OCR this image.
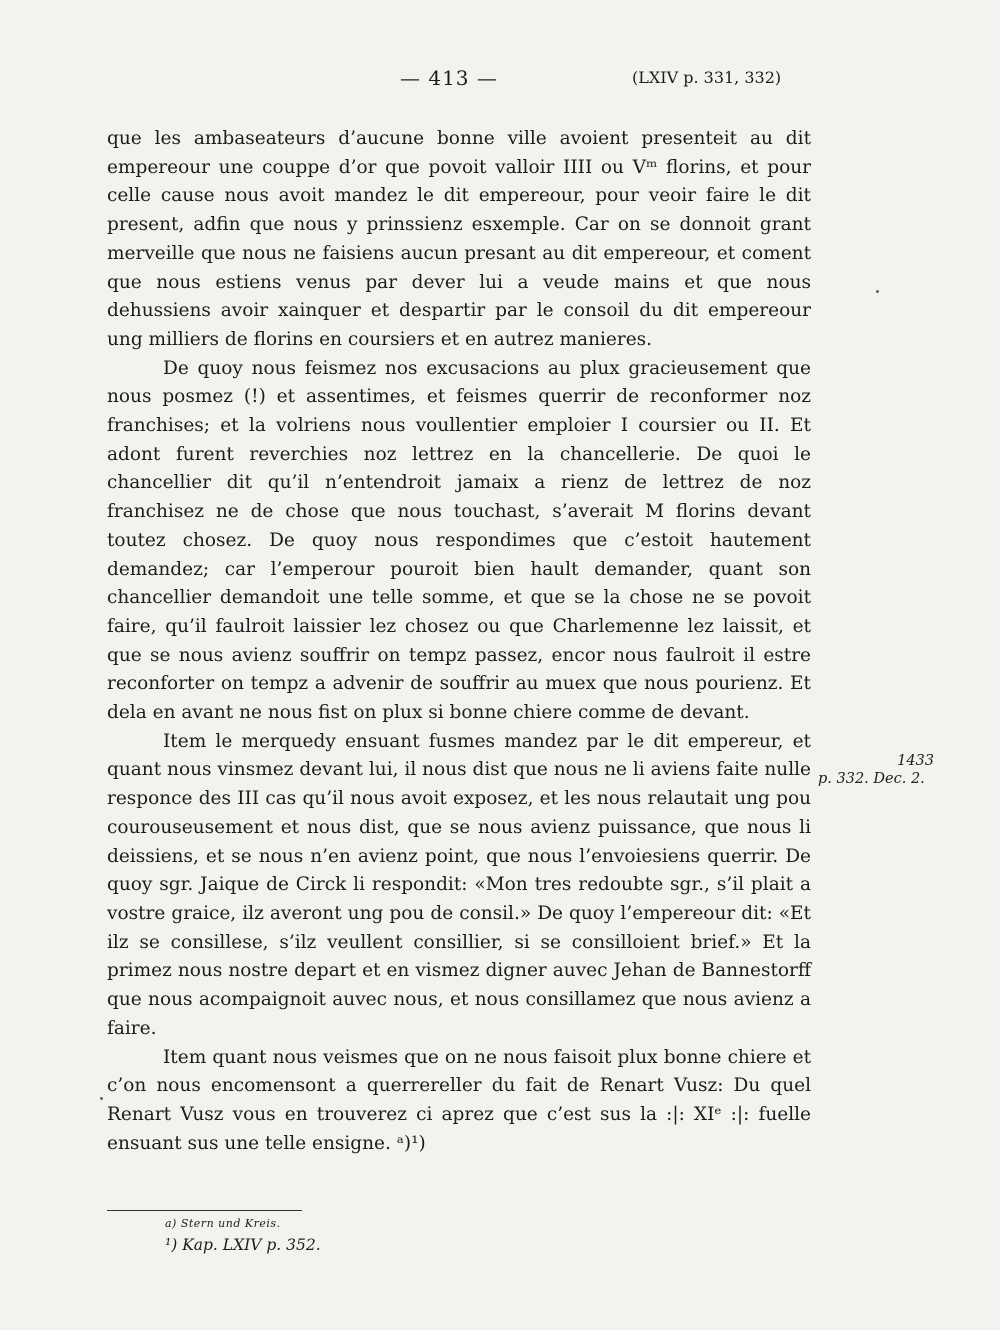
— 413 —	(LXIV p. 331, 332)

que les ambaseateurs d’aucune bonne ville avoient presenteit au dit empereour une couppe d’or que povoit valloir IIII ou Vᵐ florins, et pour celle cause nous avoit mandez le dit empereour, pour veoir faire le dit present, adfin que nous y prinssienz esxemple. Car on se donnoit grant merveille que nous ne faisiens aucun presant au dit empereour, et coment que nous estiens venus par dever lui a veude mains et que nous dehussiens avoir xainquer et despartir par le consoil du dit empereour ung milliers de florins en coursiers et en autrez manieres.

De quoy nous feismez nos excusacions au plux gracieusement que nous posmez (!) et assentimes, et feismes querrir de reconformer noz franchises; et la volriens nous voullentier emploier I coursier ou II. Et adont furent reverchies noz lettrez en la chancellerie. De quoi le chancellier dit qu’il n’entendroit jamaix a rienz de lettrez de noz franchisez ne de chose que nous touchast, s’averait M florins devant toutez chosez. De quoy nous respondimes que c’estoit hautement demandez; car l’emperour pouroit bien hault demander, quant son chancellier demandoit une telle somme, et que se la chose ne se povoit faire, qu’il faulroit laissier lez chosez ou que Charlemenne lez laissit, et que se nous avienz souffrir on tempz passez, encor nous faulroit il estre reconforter on tempz a advenir de souffrir au muex que nous pourienz. Et dela en avant ne nous fist on plux si bonne chiere comme de devant.

Item le merquedy ensuant fusmes mandez par le dit empereur, et quant nous vinsmez devant lui, il nous dist que nous ne li aviens faite nulle responce des III cas qu’il nous avoit exposez, et les nous relautait ung pou courouseusement et nous dist, que se nous avienz puissance, que nous li deissiens, et se nous n’en avienz point, que nous l’envoiesiens querrir. De quoy sgr. Jaique de Circk li respondit: «Mon tres redoubte sgr., s’il plait a vostre graice, ilz averont ung pou de consil.» De quoy l’empereour dit: «Et ilz se consillese, s’ilz veullent consillier, si se consilloient brief.» Et la primez nous nostre depart et en vismez digner auvec Jehan de Bannestorff que nous acompaignoit auvec nous, et nous consillamez que nous avienz a faire.

Item quant nous veismes que on ne nous faisoit plux bonne chiere et c’on nous encomensont a querrereller du fait de Renart Vusz: Du quel Renart Vusz vous en trouverez ci aprez que c’est sus la :|: XIᵉ :|: fuelle ensuant sus une telle ensigne. ᵃ)¹)

1433
p. 332. Dec. 2.
a) Stern und Kreis.
¹) Kap. LXIV p. 352.
